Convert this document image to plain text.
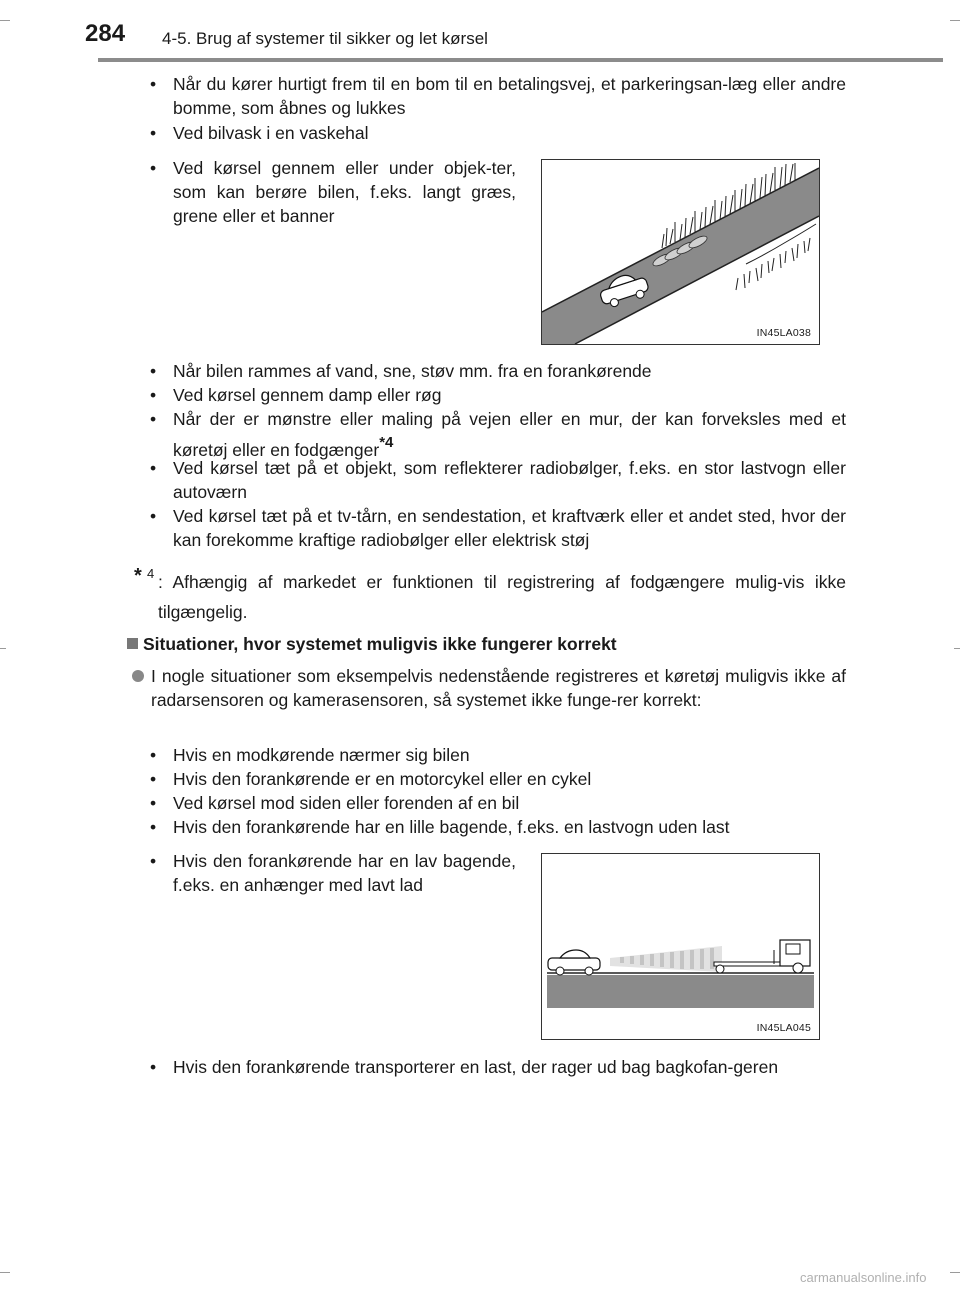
284 4-5. Brug af systemer til sikker og let kørsel
• Når du kører hurtigt frem til en bom til en betalingsvej, et parkeringsan-læg eller andre bomme, som åbnes og lukkes
• Ved bilvask i en vaskehal
• Ved kørsel gennem eller under objek-ter, som kan berøre bilen, f.eks. langt græs, grene eller et banner
IN45LA038
• Når bilen rammes af vand, sne, støv mm. fra en forankørende
• Ved kørsel gennem damp eller røg
• Når der er mønstre eller maling på vejen eller en mur, der kan forveksles med et køretøj eller en fodgænger*4
• Ved kørsel tæt på et objekt, som reflekterer radiobølger, f.eks. en stor lastvogn eller autoværn
• Ved kørsel tæt på et tv-tårn, en sendestation, et kraftværk eller et andet sted, hvor der kan forekomme kraftige radiobølger eller elektrisk støj
* 4 : Afhængig af markedet er funktionen til registrering af fodgængere mulig-vis ikke tilgængelig.
Situationer, hvor systemet muligvis ikke fungerer korrekt
I nogle situationer som eksempelvis nedenstående registreres et køretøj muligvis ikke af radarsensoren og kamerasensoren, så systemet ikke funge-rer korrekt:
• Hvis en modkørende nærmer sig bilen
• Hvis den forankørende er en motorcykel eller en cykel
• Ved kørsel mod siden eller forenden af en bil
• Hvis den forankørende har en lille bagende, f.eks. en lastvogn uden last
• Hvis den forankørende har en lav bagende, f.eks. en anhænger med lavt lad
IN45LA045
• Hvis den forankørende transporterer en last, der rager ud bag bagkofan-geren
carmanualsonline.info
